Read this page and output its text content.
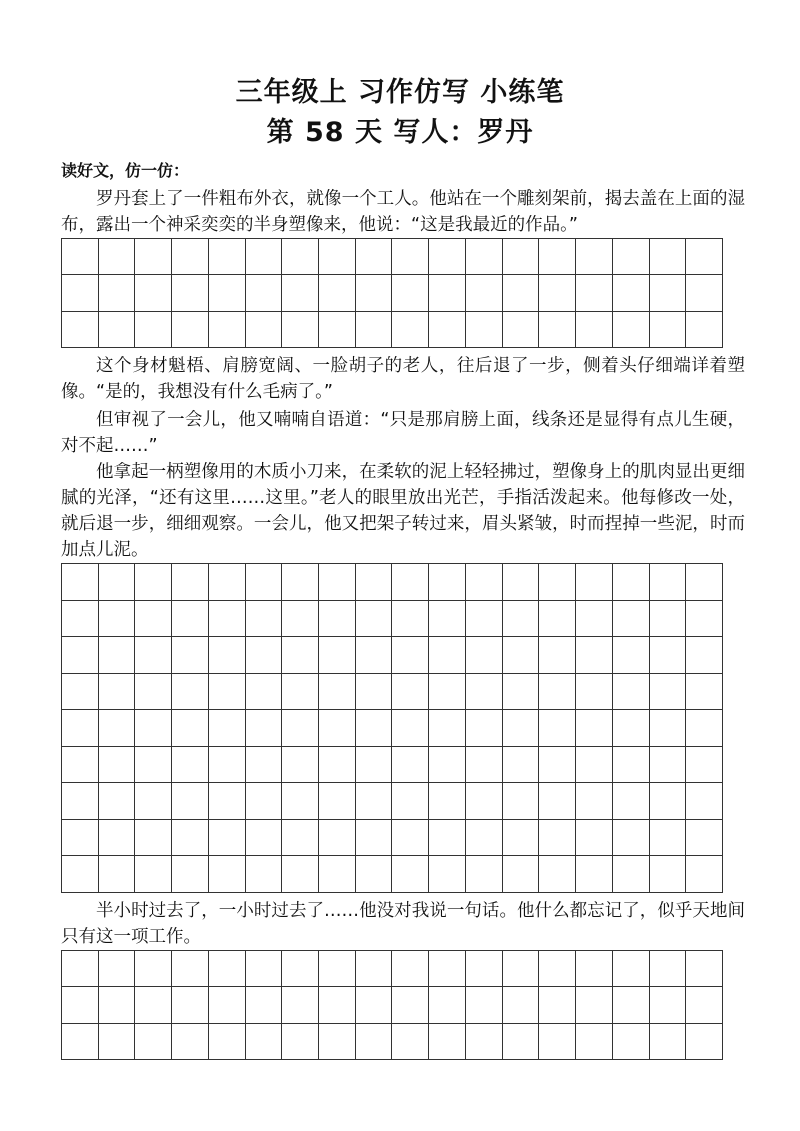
三年级上 习作仿写 小练笔
第 58 天 写人：罗丹
读好文，仿一仿：

罗丹套上了一件粗布外衣，就像一个工人。他站在一个雕刻架前，揭去盖在上面的湿布，露出一个神采奕奕的半身塑像来，他说：“这是我最近的作品。”

这个身材魁梧、肩膀宽阔、一脸胡子的老人，往后退了一步，侧着头仔细端详着塑像。“是的，我想没有什么毛病了。”

但审视了一会儿，他又喃喃自语道：“只是那肩膀上面，线条还是显得有点儿生硬，对不起……”

他拿起一柄塑像用的木质小刀来，在柔软的泥上轻轻拂过，塑像身上的肌肉显出更细腻的光泽，“还有这里……这里。”老人的眼里放出光芒，手指活泼起来。他每修改一处，就后退一步，细细观察。一会儿，他又把架子转过来，眉头紧皱，时而捏掉一些泥，时而加点儿泥。

半小时过去了，一小时过去了……他没对我说一句话。他什么都忘记了，似乎天地间只有这一项工作。
